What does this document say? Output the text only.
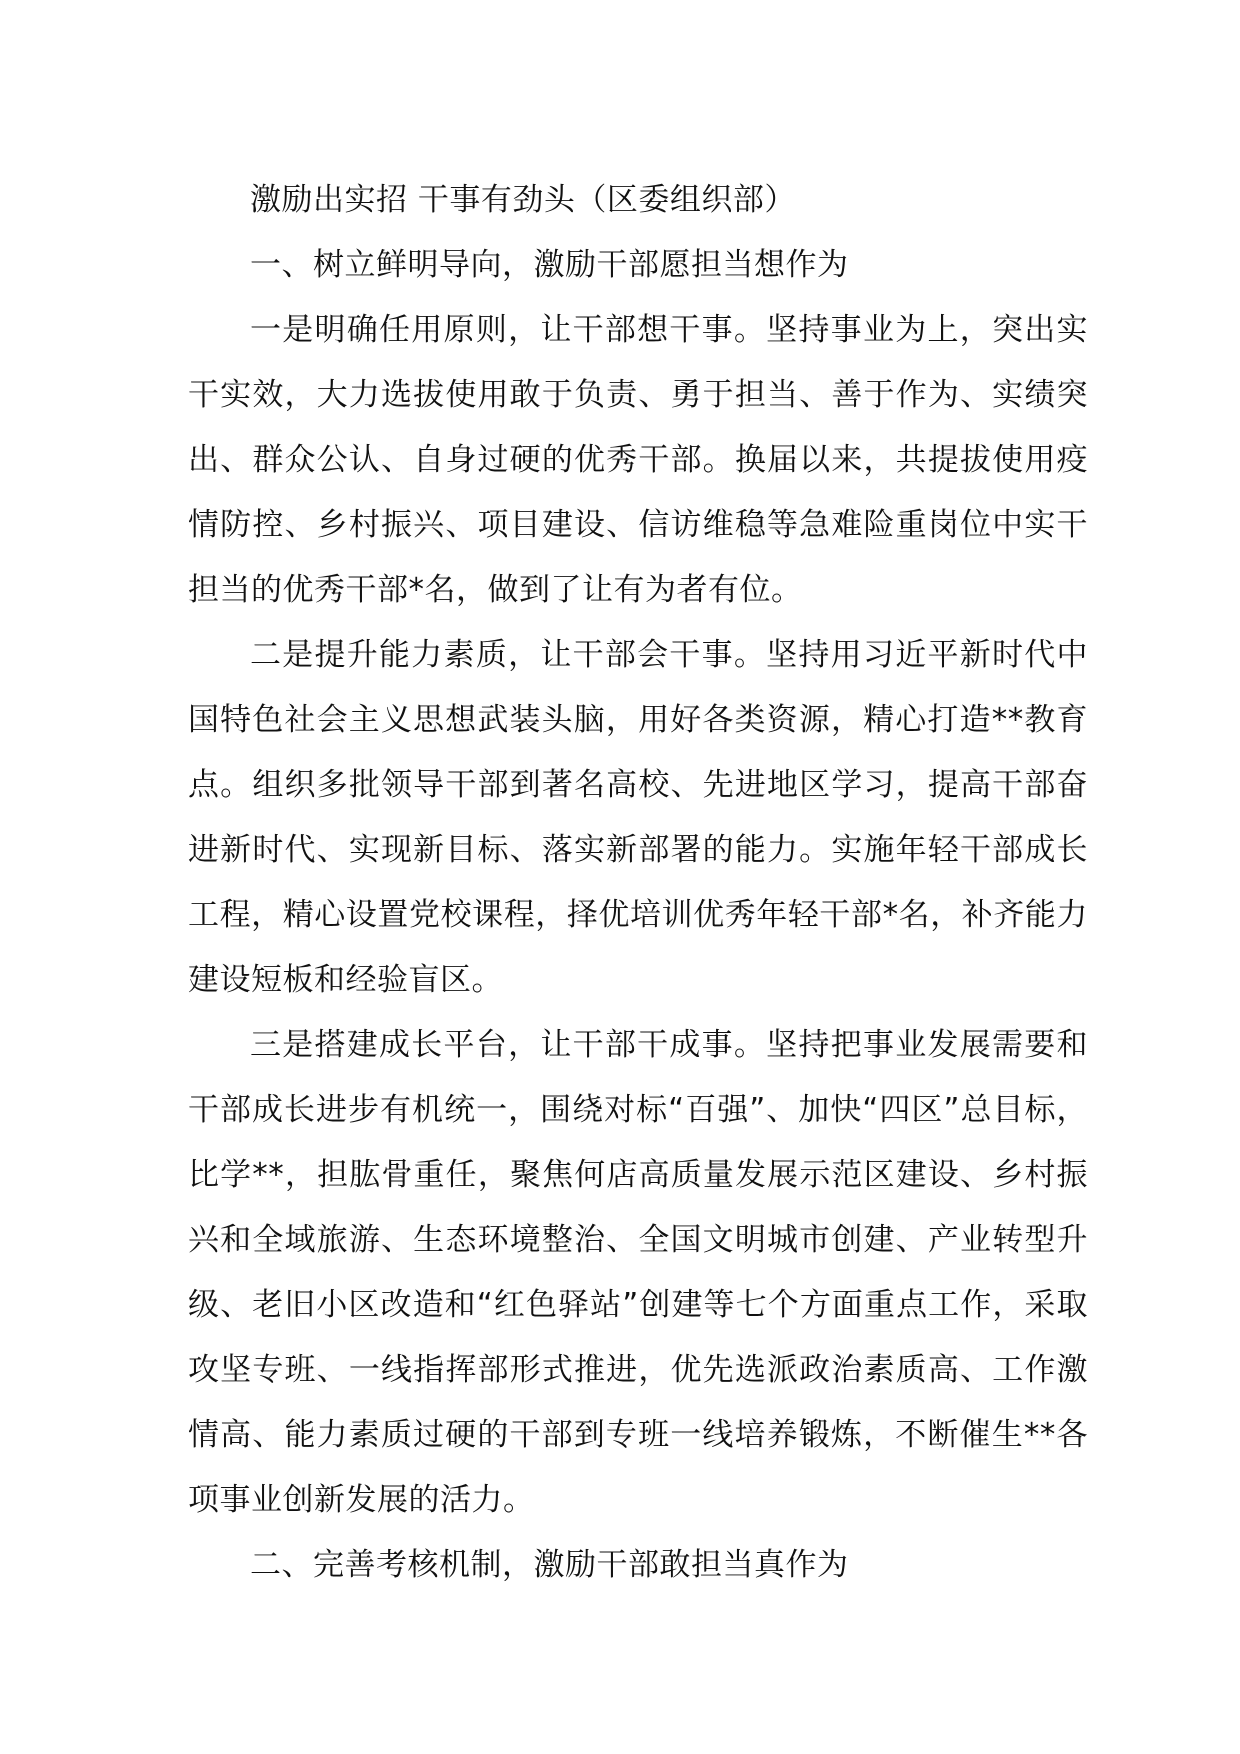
激励出实招 干事有劲头（区委组织部）

一、树立鲜明导向，激励干部愿担当想作为

一是明确任用原则，让干部想干事。坚持事业为上，突出实干实效，大力选拔使用敢于负责、勇于担当、善于作为、实绩突出、群众公认、自身过硬的优秀干部。换届以来，共提拔使用疫情防控、乡村振兴、项目建设、信访维稳等急难险重岗位中实干担当的优秀干部*名，做到了让有为者有位。

二是提升能力素质，让干部会干事。坚持用习近平新时代中国特色社会主义思想武装头脑，用好各类资源，精心打造**教育点。组织多批领导干部到著名高校、先进地区学习，提高干部奋进新时代、实现新目标、落实新部署的能力。实施年轻干部成长工程，精心设置党校课程，择优培训优秀年轻干部*名，补齐能力建设短板和经验盲区。

三是搭建成长平台，让干部干成事。坚持把事业发展需要和干部成长进步有机统一，围绕对标“百强”、加快“四区”总目标，比学**，担肱骨重任，聚焦何店高质量发展示范区建设、乡村振兴和全域旅游、生态环境整治、全国文明城市创建、产业转型升级、老旧小区改造和“红色驿站”创建等七个方面重点工作，采取攻坚专班、一线指挥部形式推进，优先选派政治素质高、工作激情高、能力素质过硬的干部到专班一线培养锻炼，不断催生**各项事业创新发展的活力。

二、完善考核机制，激励干部敢担当真作为
